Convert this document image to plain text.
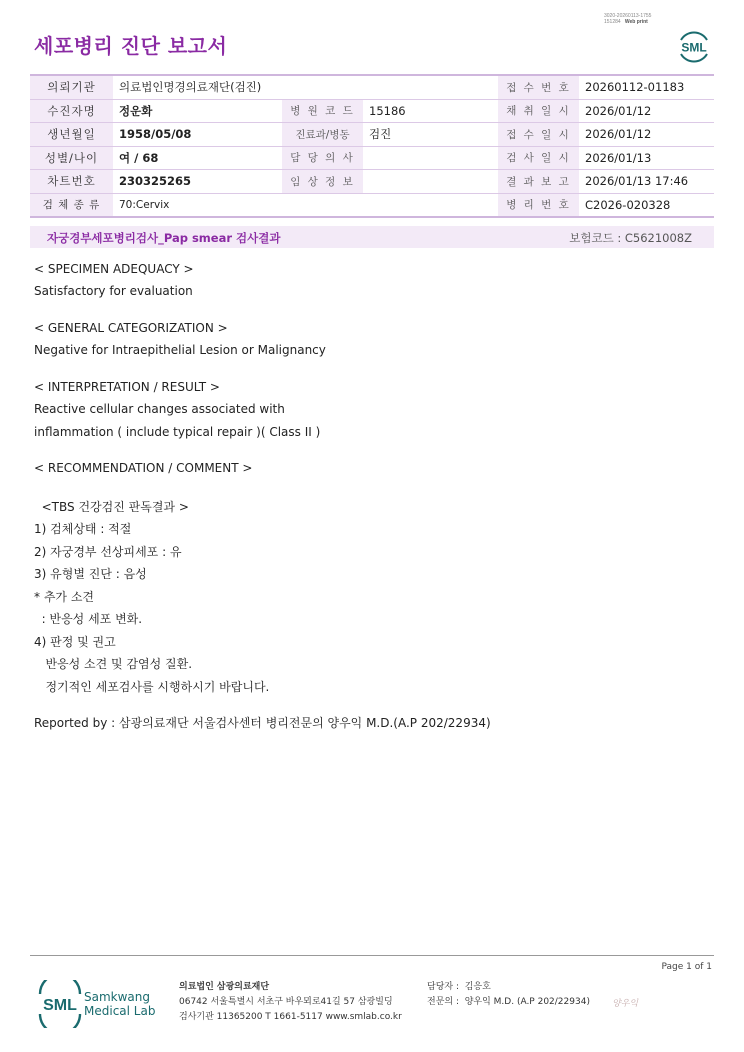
3020-20260113-1755
151284 Web print
세포병리 진단 보고서	SML
의뢰기관	의료법인명경의료재단(검진)			접 수 번 호	20260112-01183
수진자명	정운화	병 원 코 드	15186	채 취 일 시	2026/01/12
생년월일	1958/05/08	진료과/병동	검진	접 수 일 시	2026/01/12
성별/나이	여 / 68	담 당 의 사		검 사 일 시	2026/01/13
차트번호	230325265	임 상 정 보		결 과 보 고	2026/01/13 17:46
검 체 종 류	70:Cervix			병 리 번 호	C2026-020328
자궁경부세포병리검사_Pap smear 검사결과	보험코드 : C5621008Z
< SPECIMEN ADEQUACY >
Satisfactory for evaluation
< GENERAL CATEGORIZATION >
Negative for Intraepithelial Lesion or Malignancy
< INTERPRETATION / RESULT >
Reactive cellular changes associated with
inflammation ( include typical repair )( Class II )
< RECOMMENDATION / COMMENT >
<TBS 건강검진 판독결과 >
1) 검체상태 : 적절
2) 자궁경부 선상피세포 : 유
3) 유형별 진단 : 음성
* 추가 소견
: 반응성 세포 변화.
4) 판정 및 권고
반응성 소견 및 감염성 질환.
정기적인 세포검사를 시행하시기 바랍니다.
Reported by : 삼광의료재단 서울검사센터 병리전문의 양우익 M.D.(A.P 202/22934)
Page 1 of 1
SML Samkwang
Medical Lab
의료법인 삼광의료재단
06742 서울특별시 서초구 바우뫼로41길 57 삼광빌딩
검사기관 11365200 T 1661-5117 www.smlab.co.kr
담당자 : 김응호
전문의 : 양우익 M.D. (A.P 202/22934) 양우익
